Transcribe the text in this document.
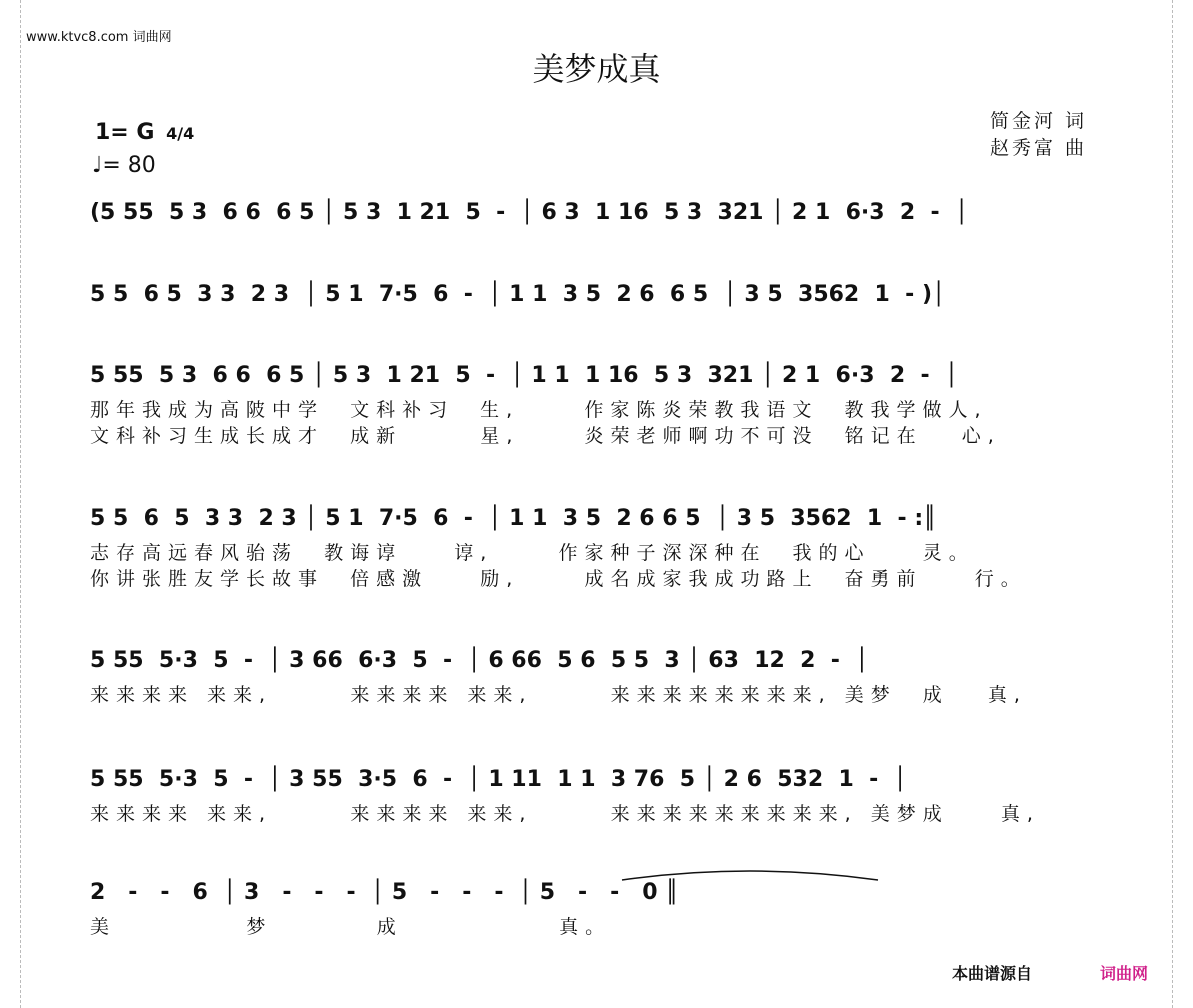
www.ktvc8.com 词曲网
美梦成真
1= G 4/4
♩= 80
简金河 词
赵秀富 曲
(5 55  5 3  6 6  6 5 │ 5 3  1 21  5  -  │ 6 3  1 16  5 3  321 │ 2 1  6·3  2  -  │
5 5  6 5  3 3  2 3  │ 5 1  7·5  6  -  │ 1 1  3 5  2 6  6 5  │ 3 5  3562  1  - )│
5 55  5 3  6 6  6 5 │ 5 3  1 21  5  -  │ 1 1  1 16  5 3  321 │ 2 1  6·3  2  -  │
那年我成为高陂中学  文科补习  生,     作家陈炎荣教我语文  教我学做人,
文科补习生成长成才  成新      星,     炎荣老师啊功不可没  铭记在   心,
5 5  6  5  3 3  2 3 │ 5 1  7·5  6  -  │ 1 1  3 5  2 6 6 5  │ 3 5  3562  1  - :║
志存高远春风骀荡  教诲谆    谆,     作家种子深深种在  我的心    灵。
你讲张胜友学长故事  倍感激    励,     成名成家我成功路上  奋勇前    行。
5 55  5·3  5  -  │ 3 66  6·3  5  -  │ 6 66  5 6  5 5  3 │ 63  12  2  -  │
来来来来 来来,      来来来来 来来,      来来来来来来来来, 美梦  成   真,
5 55  5·3  5  -  │ 3 55  3·5  6  -  │ 1 11  1 1  3 76  5 │ 2 6  532  1  -  │
来来来来 来来,      来来来来 来来,      来来来来来来来来来, 美梦成    真,
2   -   -   6  │ 3   -   -   -  │ 5   -   -   -  │ 5   -   -   0 ║
美          梦        成            真。
本曲谱源自	词曲网
